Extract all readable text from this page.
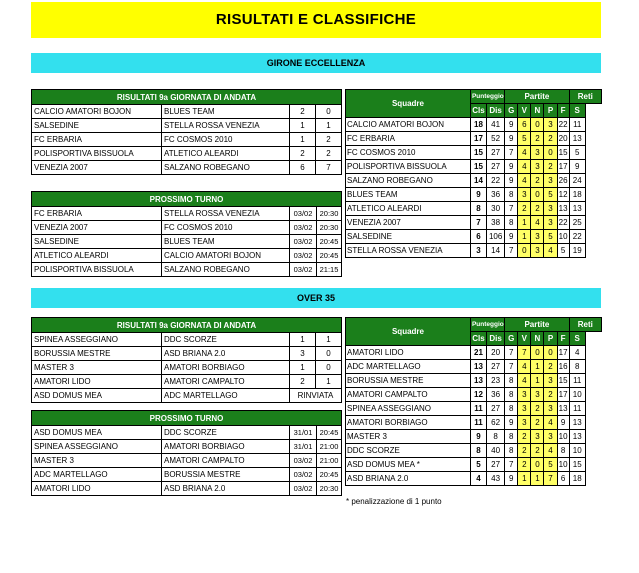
RISULTATI E CLASSIFICHE
GIRONE ECCELLENZA
RISULTATI 9a GIORNATA DI ANDATA			
CALCIO AMATORI BOJON	BLUES TEAM	2	0
SALSEDINE	STELLA ROSSA VENEZIA	1	1
FC ERBARIA	FC COSMOS 2010	1	2
POLISPORTIVA BISSUOLA	ATLETICO ALEARDI	2	2
VENEZIA 2007	SALZANO ROBEGANO	6	7
PROSSIMO TURNO			
FC ERBARIA	STELLA ROSSA VENEZIA	03/02	20:30
VENEZIA 2007	FC COSMOS 2010	03/02	20:30
SALSEDINE	BLUES TEAM	03/02	20:45
ATLETICO ALEARDI	CALCIO AMATORI BOJON	03/02	20:45
POLISPORTIVA BISSUOLA	SALZANO ROBEGANO	03/02	21:15
Squadre	Punteggio		Partite					Reti
	Cls	Dis	G	V	N	P	F	S
CALCIO AMATORI BOJON	18	41	9	6	0	3	22	11
FC ERBARIA	17	52	9	5	2	2	20	13
FC COSMOS 2010	15	27	7	4	3	0	15	5
POLISPORTIVA BISSUOLA	15	27	9	4	3	2	17	9
SALZANO ROBEGANO	14	22	9	4	2	3	26	24
BLUES TEAM	9	36	8	3	0	5	12	18
ATLETICO ALEARDI	8	30	7	2	2	3	13	13
VENEZIA 2007	7	38	8	1	4	3	22	25
SALSEDINE	6	106	9	1	3	5	10	22
STELLA ROSSA VENEZIA	3	14	7	0	3	4	5	19
OVER 35
RISULTATI 9a GIORNATA DI ANDATA			
SPINEA ASSEGGIANO	DDC SCORZE	1	1
BORUSSIA MESTRE	ASD BRIANA 2.0	3	0
MASTER 3	AMATORI BORBIAGO	1	0
AMATORI LIDO	AMATORI CAMPALTO	2	1
ASD DOMUS MEA	ADC MARTELLAGO	RINVIATA	
PROSSIMO TURNO			
ASD DOMUS MEA	DDC SCORZE	31/01	20:45
SPINEA ASSEGGIANO	AMATORI BORBIAGO	31/01	21:00
MASTER 3	AMATORI CAMPALTO	03/02	21:00
ADC MARTELLAGO	BORUSSIA MESTRE	03/02	20:45
AMATORI LIDO	ASD BRIANA 2.0	03/02	20:30
Squadre	Punteggio		Partite					Reti
	Cls	Dis	G	V	N	P	F	S
AMATORI LIDO	21	20	7	7	0	0	17	4
ADC MARTELLAGO	13	27	7	4	1	2	16	8
BORUSSIA MESTRE	13	23	8	4	1	3	15	11
AMATORI CAMPALTO	12	36	8	3	3	2	17	10
SPINEA ASSEGGIANO	11	27	8	3	2	3	13	11
AMATORI BORBIAGO	11	62	9	3	2	4	9	13
MASTER 3	9	8	8	2	3	3	10	13
DDC SCORZE	8	40	8	2	2	4	8	10
ASD DOMUS MEA *	5	27	7	2	0	5	10	15
ASD BRIANA 2.0	4	43	9	1	1	7	6	18
* penalizzazione di 1 punto
